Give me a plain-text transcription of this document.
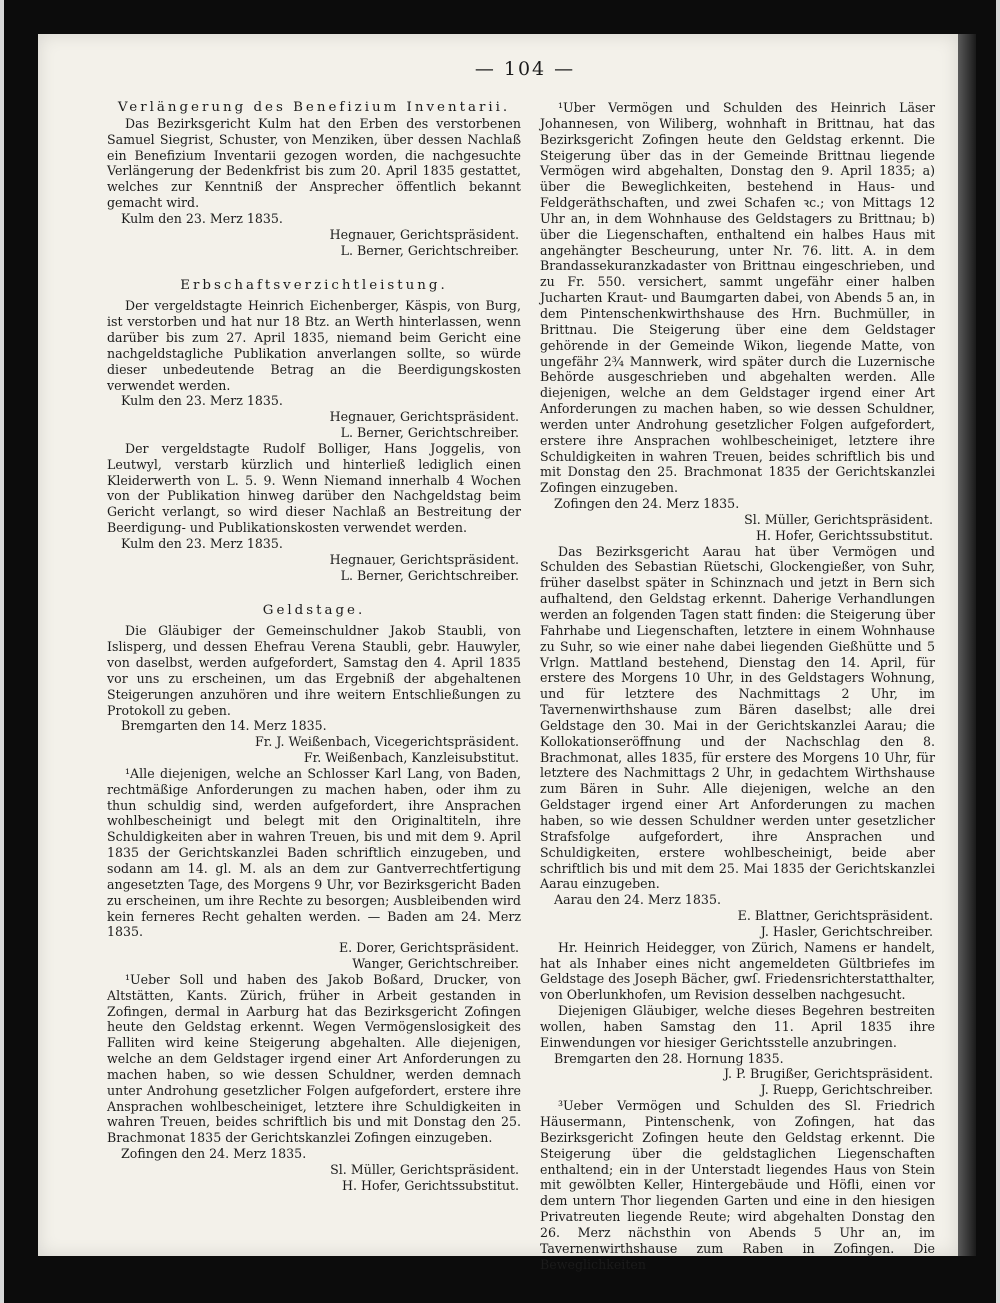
— 104 —

Verlängerung des Benefizium Inventarii.

Das Bezirksgericht Kulm hat den Erben des verstorbenen Samuel Siegrist, Schuster, von Menziken, über dessen Nachlaß ein Benefizium Inventarii gezogen worden, die nachgesuchte Verlängerung der Bedenkfrist bis zum 20. April 1835 gestattet, welches zur Kenntniß der Ansprecher öffentlich bekannt gemacht wird.

Kulm den 23. Merz 1835.

Hegnauer, Gerichtspräsident.

L. Berner, Gerichtschreiber.

Erbschaftsverzichtleistung.

Der vergeldstagte Heinrich Eichenberger, Käspis, von Burg, ist verstorben und hat nur 18 Btz. an Werth hinterlassen, wenn darüber bis zum 27. April 1835, niemand beim Gericht eine nachgeldstagliche Publikation anverlangen sollte, so würde dieser unbedeutende Betrag an die Beerdigungskosten verwendet werden.

Kulm den 23. Merz 1835.

Hegnauer, Gerichtspräsident.

L. Berner, Gerichtschreiber.

Der vergeldstagte Rudolf Bolliger, Hans Joggelis, von Leutwyl, verstarb kürzlich und hinterließ lediglich einen Kleiderwerth von L. 5. 9. Wenn Niemand innerhalb 4 Wochen von der Publikation hinweg darüber den Nachgeldstag beim Gericht verlangt, so wird dieser Nachlaß an Bestreitung der Beerdigung- und Publikationskosten verwendet werden.

Kulm den 23. Merz 1835.

Hegnauer, Gerichtspräsident.

L. Berner, Gerichtschreiber.

Geldstage.

Die Gläubiger der Gemeinschuldner Jakob Staubli, von Islisperg, und dessen Ehefrau Verena Staubli, gebr. Hauwyler, von daselbst, werden aufgefordert, Samstag den 4. April 1835 vor uns zu erscheinen, um das Ergebniß der abgehaltenen Steigerungen anzuhören und ihre weitern Entschließungen zu Protokoll zu geben.

Bremgarten den 14. Merz 1835.

Fr. J. Weißenbach, Vicegerichtspräsident.

Fr. Weißenbach, Kanzleisubstitut.

¹Alle diejenigen, welche an Schlosser Karl Lang, von Baden, rechtmäßige Anforderungen zu machen haben, oder ihm zu thun schuldig sind, werden aufgefordert, ihre Ansprachen wohlbescheinigt und belegt mit den Originaltiteln, ihre Schuldigkeiten aber in wahren Treuen, bis und mit dem 9. April 1835 der Gerichtskanzlei Baden schriftlich einzugeben, und sodann am 14. gl. M. als an dem zur Gantverrechtfertigung angesetzten Tage, des Morgens 9 Uhr, vor Bezirksgericht Baden zu erscheinen, um ihre Rechte zu besorgen; Ausbleibenden wird kein ferneres Recht gehalten werden. — Baden am 24. Merz 1835.

E. Dorer, Gerichtspräsident.

Wanger, Gerichtschreiber.

¹Ueber Soll und haben des Jakob Boßard, Drucker, von Altstätten, Kants. Zürich, früher in Arbeit gestanden in Zofingen, dermal in Aarburg hat das Bezirksgericht Zofingen heute den Geldstag erkennt. Wegen Vermögenslosigkeit des Falliten wird keine Steigerung abgehalten. Alle diejenigen, welche an dem Geldstager irgend einer Art Anforderungen zu machen haben, so wie dessen Schuldner, werden demnach unter Androhung gesetzlicher Folgen aufgefordert, erstere ihre Ansprachen wohlbescheiniget, letztere ihre Schuldigkeiten in wahren Treuen, beides schriftlich bis und mit Donstag den 25. Brachmonat 1835 der Gerichtskanzlei Zofingen einzugeben.

Zofingen den 24. Merz 1835.

Sl. Müller, Gerichtspräsident.

H. Hofer, Gerichtssubstitut.

¹Uber Vermögen und Schulden des Heinrich Läser Johannesen, von Wiliberg, wohnhaft in Brittnau, hat das Bezirksgericht Zofingen heute den Geldstag erkennt. Die Steigerung über das in der Gemeinde Brittnau liegende Vermögen wird abgehalten, Donstag den 9. April 1835; a) über die Beweglichkeiten, bestehend in Haus- und Feldgeräthschaften, und zwei Schafen ꝛc.; von Mittags 12 Uhr an, in dem Wohnhause des Geldstagers zu Brittnau; b) über die Liegenschaften, enthaltend ein halbes Haus mit angehängter Bescheurung, unter Nr. 76. litt. A. in dem Brandassekuranzkadaster von Brittnau eingeschrieben, und zu Fr. 550. versichert, sammt ungefähr einer halben Jucharten Kraut- und Baumgarten dabei, von Abends 5 an, in dem Pintenschenkwirthshause des Hrn. Buchmüller, in Brittnau. Die Steigerung über eine dem Geldstager gehörende in der Gemeinde Wikon, liegende Matte, von ungefähr 2¾ Mannwerk, wird später durch die Luzernische Behörde ausgeschrieben und abgehalten werden. Alle diejenigen, welche an dem Geldstager irgend einer Art Anforderungen zu machen haben, so wie dessen Schuldner, werden unter Androhung gesetzlicher Folgen aufgefordert, erstere ihre Ansprachen wohlbescheiniget, letztere ihre Schuldigkeiten in wahren Treuen, beides schriftlich bis und mit Donstag den 25. Brachmonat 1835 der Gerichtskanzlei Zofingen einzugeben.

Zofingen den 24. Merz 1835.

Sl. Müller, Gerichtspräsident.

H. Hofer, Gerichtssubstitut.

Das Bezirksgericht Aarau hat über Vermögen und Schulden des Sebastian Rüetschi, Glockengießer, von Suhr, früher daselbst später in Schinznach und jetzt in Bern sich aufhaltend, den Geldstag erkennt. Daherige Verhandlungen werden an folgenden Tagen statt finden: die Steigerung über Fahrhabe und Liegenschaften, letztere in einem Wohnhause zu Suhr, so wie einer nahe dabei liegenden Gießhütte und 5 Vrlgn. Mattland bestehend, Dienstag den 14. April, für erstere des Morgens 10 Uhr, in des Geldstagers Wohnung, und für letztere des Nachmittags 2 Uhr, im Tavernenwirthshause zum Bären daselbst; alle drei Geldstage den 30. Mai in der Gerichtskanzlei Aarau; die Kollokationseröffnung und der Nachschlag den 8. Brachmonat, alles 1835, für erstere des Morgens 10 Uhr, für letztere des Nachmittags 2 Uhr, in gedachtem Wirthshause zum Bären in Suhr. Alle diejenigen, welche an den Geldstager irgend einer Art Anforderungen zu machen haben, so wie dessen Schuldner werden unter gesetzlicher Strafsfolge aufgefordert, ihre Ansprachen und Schuldigkeiten, erstere wohlbescheinigt, beide aber schriftlich bis und mit dem 25. Mai 1835 der Gerichtskanzlei Aarau einzugeben.

Aarau den 24. Merz 1835.

E. Blattner, Gerichtspräsident.

J. Hasler, Gerichtschreiber.

Hr. Heinrich Heidegger, von Zürich, Namens er handelt, hat als Inhaber eines nicht angemeldeten Gültbriefes im Geldstage des Joseph Bächer, gwſ. Friedensrichterstatthalter, von Oberlunkhofen, um Revision desselben nachgesucht.

Diejenigen Gläubiger, welche dieses Begehren bestreiten wollen, haben Samstag den 11. April 1835 ihre Einwendungen vor hiesiger Gerichtsstelle anzubringen.

Bremgarten den 28. Hornung 1835.

J. P. Brugißer, Gerichtspräsident.

J. Ruepp, Gerichtschreiber.

³Ueber Vermögen und Schulden des Sl. Friedrich Häusermann, Pintenschenk, von Zofingen, hat das Bezirksgericht Zofingen heute den Geldstag erkennt. Die Steigerung über die geldstaglichen Liegenschaften enthaltend; ein in der Unterstadt liegendes Haus von Stein mit gewölbten Keller, Hintergebäude und Höfli, einen vor dem untern Thor liegenden Garten und eine in den hiesigen Privatreuten liegende Reute; wird abgehalten Donstag den 26. Merz nächsthin von Abends 5 Uhr an, im Tavernenwirthshause zum Raben in Zofingen. Die Beweglichkeiten
